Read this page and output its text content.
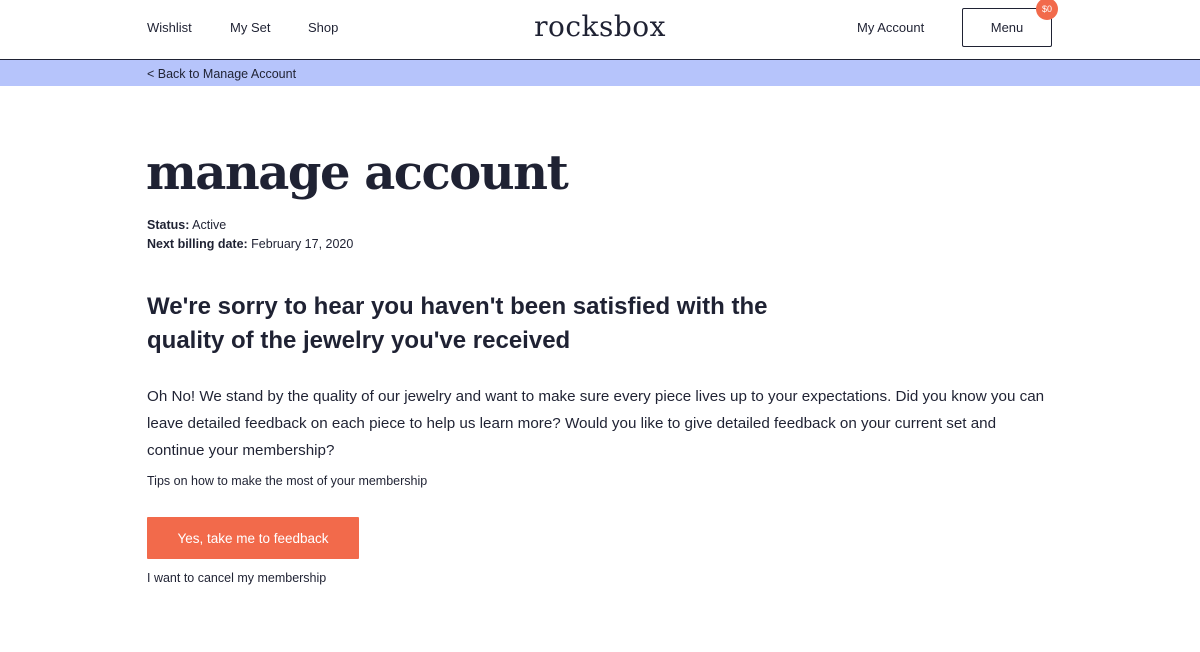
Wishlist	My Set	Shop	rocksbox	My Account	Menu
$0
< Back to Manage Account
manage account
Status: Active
Next billing date: February 17, 2020
We're sorry to hear you haven't been satisfied with the quality of the jewelry you've received

Oh No! We stand by the quality of our jewelry and want to make sure every piece lives up to your expectations. Did you know you can leave detailed feedback on each piece to help us learn more? Would you like to give detailed feedback on your current set and continue your membership?

Tips on how to make the most of your membership
Yes, take me to feedback
I want to cancel my membership
